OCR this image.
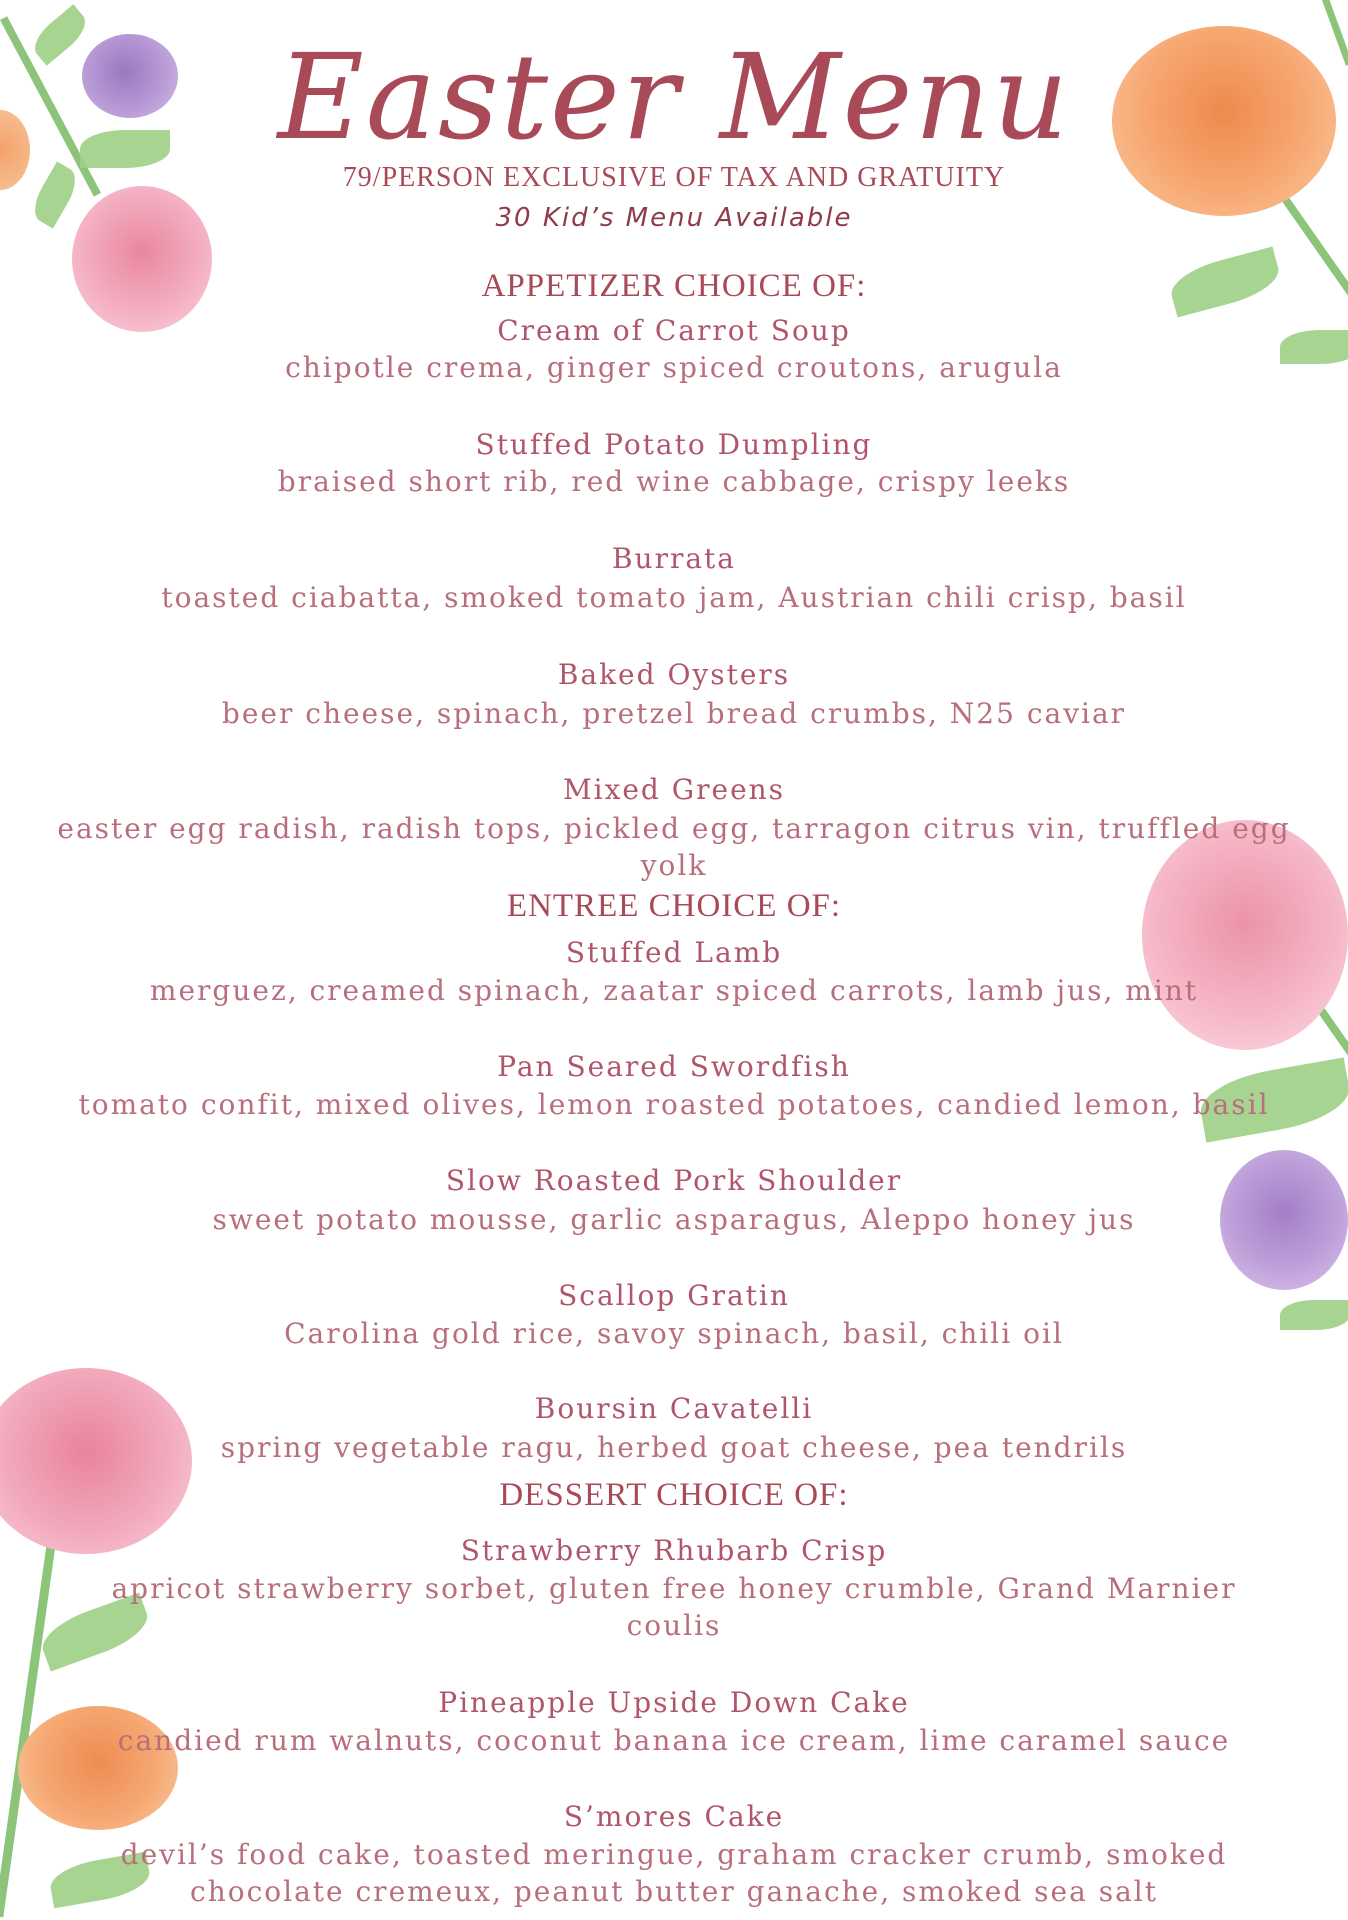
Easter Menu
79/PERSON EXCLUSIVE OF TAX AND GRATUITY
30 Kid’s Menu Available
APPETIZER CHOICE OF:
Cream of Carrot Soup
chipotle crema, ginger spiced croutons, arugula
Stuffed Potato Dumpling
braised short rib, red wine cabbage, crispy leeks
Burrata
toasted ciabatta, smoked tomato jam, Austrian chili crisp, basil
Baked Oysters
beer cheese, spinach, pretzel bread crumbs, N25 caviar
Mixed Greens
easter egg radish, radish tops, pickled egg, tarragon citrus vin, truffled egg yolk
ENTREE CHOICE OF:
Stuffed Lamb
merguez, creamed spinach, zaatar spiced carrots, lamb jus, mint
Pan Seared Swordfish
tomato confit, mixed olives, lemon roasted potatoes, candied lemon, basil
Slow Roasted Pork Shoulder
sweet potato mousse, garlic asparagus, Aleppo honey jus
Scallop Gratin
Carolina gold rice, savoy spinach, basil, chili oil
Boursin Cavatelli
spring vegetable ragu, herbed goat cheese, pea tendrils
DESSERT CHOICE OF:
Strawberry Rhubarb Crisp
apricot strawberry sorbet, gluten free honey crumble, Grand Marnier coulis
Pineapple Upside Down Cake
candied rum walnuts, coconut banana ice cream, lime caramel sauce
S’mores Cake
devil’s food cake, toasted meringue, graham cracker crumb, smoked chocolate cremeux, peanut butter ganache, smoked sea salt
